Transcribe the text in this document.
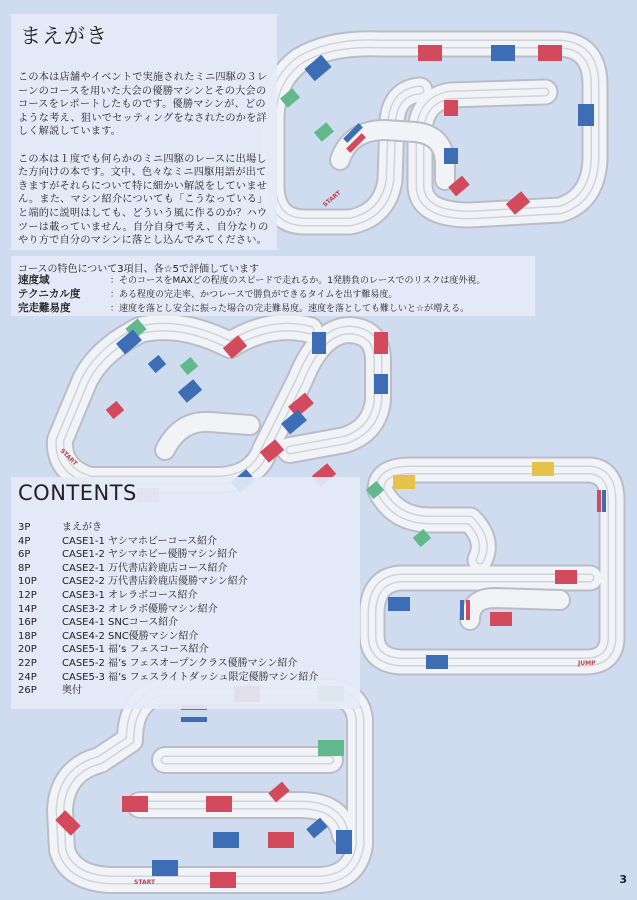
START
START
START
JUMP
まえがき

この本は店舗やイベントで実施されたミニ四駆の３レーンのコースを用いた大会の優勝マシンとその大会のコースをレポートしたものです。優勝マシンが、どのような考え、狙いでセッティングをなされたのかを詳しく解説しています。

この本は１度でも何らかのミニ四駆のレースに出場した方向けの本です。文中、色々なミニ四駆用語が出てきますがそれらについて特に細かい解説をしていません。また、マシン紹介についても「こうなっている」と端的に説明はしても、どういう風に作るのか？ハウツーは載っていません。自分自身で考え、自分なりのやり方で自分のマシンに落とし込んでみてください。

コースの特色について3項目、各☆5で評価しています
速度域	：そのコースをMAXどの程度のスピードで走れるか。1発勝負のレースでのリスクは度外視。
テクニカル度	：ある程度の完走率、かつレースで勝負ができるタイムを出す難易度。
完走難易度	：速度を落とし安全に振った場合の完走難易度。速度を落としても難しいと☆が増える。
CONTENTS
3P	まえがき
4P	CASE1-1 ヤシマホビーコース紹介
6P	CASE1-2 ヤシマホビー優勝マシン紹介
8P	CASE2-1 万代書店鈴鹿店コース紹介
10P	CASE2-2 万代書店鈴鹿店優勝マシン紹介
12P	CASE3-1 オレラボコース紹介
14P	CASE3-2 オレラボ優勝マシン紹介
16P	CASE4-1 SNCコース紹介
18P	CASE4-2 SNC優勝マシン紹介
20P	CASE5-1 福’s フェスコース紹介
22P	CASE5-2 福’s フェスオープンクラス優勝マシン紹介
24P	CASE5-3 福’s フェスライトダッシュ限定優勝マシン紹介
26P	奥付
3
